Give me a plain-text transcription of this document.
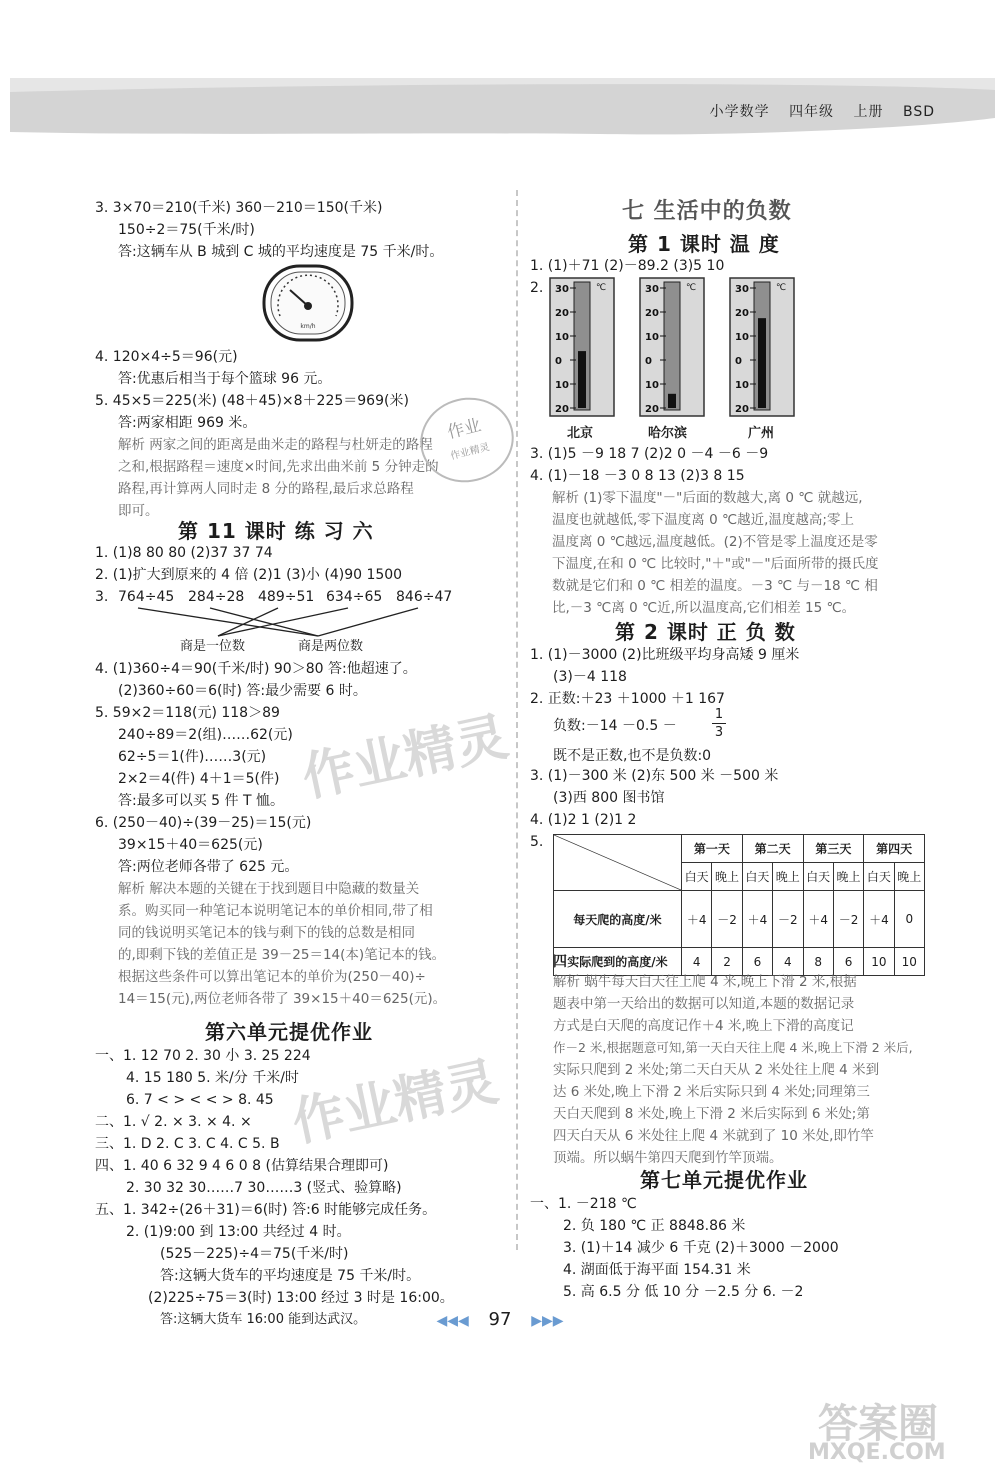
小学数学 四年级 上册 BSD
3. 3×70＝210(千米) 360－210＝150(千米)
150÷2＝75(千米/时)
答:这辆车从 B 城到 C 城的平均速度是 75 千米/时。
km/h
4. 120×4÷5＝96(元)
答:优惠后相当于每个篮球 96 元。
5. 45×5＝225(米) (48＋45)×8＋225＝969(米)
答:两家相距 969 米。
解析 两家之间的距离是曲米走的路程与杜妍走的路程
之和,根据路程＝速度×时间,先求出曲米前 5 分钟走的
路程,再计算两人同时走 8 分的路程,最后求总路程
即可。
作业
作业精灵
第 11 课时 练 习 六
1. (1)8 80 80 (2)37 37 74
2. (1)扩大到原来的 4 倍 (2)1 (3)小 (4)90 1500
3. 764÷45 284÷28 489÷51 634÷65 846÷47
商是一位数	商是两位数
4. (1)360÷4＝90(千米/时) 90＞80 答:他超速了。
(2)360÷60＝6(时) 答:最少需要 6 时。
5. 59×2＝118(元) 118＞89
240÷89＝2(组)……62(元)
62÷5＝1(件)……3(元)
2×2＝4(件) 4＋1＝5(件)
答:最多可以买 5 件 T 恤。
6. (250－40)÷(39－25)＝15(元)
39×15＋40＝625(元)
答:两位老师各带了 625 元。
解析 解决本题的关键在于找到题目中隐藏的数量关
系。购买同一种笔记本说明笔记本的单价相同,带了相
同的钱说明买笔记本的钱与剩下的钱的总数是相同
的,即剩下钱的差值正是 39－25＝14(本)笔记本的钱。
根据这些条件可以算出笔记本的单价为(250－40)÷
14＝15(元),两位老师各带了 39×15＋40＝625(元)。
第六单元提优作业
一、1. 12 70 2. 30 小 3. 25 224
4. 15 180 5. 米/分 千米/时
6. 7 < > < < > 8. 45
二、1. √ 2. × 3. × 4. ×
三、1. D 2. C 3. C 4. C 5. B
四、1. 40 6 32 9 4 6 0 8 (估算结果合理即可)
2. 30 32 30……7 30……3 (竖式、验算略)
五、1. 342÷(26＋31)＝6(时) 答:6 时能够完成任务。
2. (1)9:00 到 13:00 共经过 4 时。
(525－225)÷4＝75(千米/时)
答:这辆大货车的平均速度是 75 千米/时。
(2)225÷75＝3(时) 13:00 经过 3 时是 16:00。
答:这辆大货车 16:00 能到达武汉。
作业精灵
作业精灵
七 生活中的负数
第 1 课时 温 度
1. (1)＋71 (2)－89.2 (3)5 10
2. 30
20
10
0
10
20
℃	30
20
10
0
10
20
℃	30
20
10
0
10
20
℃
北京	哈尔滨	广州
3. (1)5 －9 18 7 (2)2 0 －4 －6 －9
4. (1)－18 －3 0 8 13 (2)3 8 15
解析 (1)零下温度"－"后面的数越大,离 0 ℃ 就越远,
温度也就越低,零下温度离 0 ℃越近,温度越高;零上
温度离 0 ℃越远,温度越低。(2)不管是零上温度还是零
下温度,在和 0 ℃ 比较时,"＋"或"－"后面所带的摄氏度
数就是它们和 0 ℃ 相差的温度。－3 ℃ 与－18 ℃ 相
比,－3 ℃离 0 ℃近,所以温度高,它们相差 15 ℃。
第 2 课时 正 负 数
1. (1)－3000 (2)比班级平均身高矮 9 厘米
(3)－4 118
2. 正数:＋23 ＋1000 ＋1 167
负数:－14 －0.5 －
1
3
既不是正数,也不是负数:0
3. (1)－300 米 (2)东 500 米 －500 米
(3)西 800 图书馆
4. (1)2 1 (2)1 2
5.
		第一天		第二天		第三天		第四天	
	白天	晚上	白天	晚上	白天	晚上	白天	晚上
每天爬的高度/米	＋4	－2	＋4	－2	＋4	－2	＋4	0
实际爬到的高度/米	4	2	6	4	8	6	10	10
四
解析 蜗牛每天白天往上爬 4 米,晚上下滑 2 米,根据
题表中第一天给出的数据可以知道,本题的数据记录
方式是白天爬的高度记作＋4 米,晚上下滑的高度记
作－2 米,根据题意可知,第一天白天往上爬 4 米,晚上下滑 2 米后,
实际只爬到 2 米处;第二天白天从 2 米处往上爬 4 米到
达 6 米处,晚上下滑 2 米后实际只到 4 米处;同理第三
天白天爬到 8 米处,晚上下滑 2 米后实际到 6 米处;第
四天白天从 6 米处往上爬 4 米就到了 10 米处,即竹竿
顶端。所以蜗牛第四天爬到竹竿顶端。
第七单元提优作业
一、1. －218 ℃
2. 负 180 ℃ 正 8848.86 米
3. (1)＋14 减少 6 千克 (2)＋3000 －2000
4. 湖面低于海平面 154.31 米
5. 高 6.5 分 低 10 分 －2.5 分 6. －2
◀◀◀ 97 ▶▶▶
答案圈
MXQE.COM
